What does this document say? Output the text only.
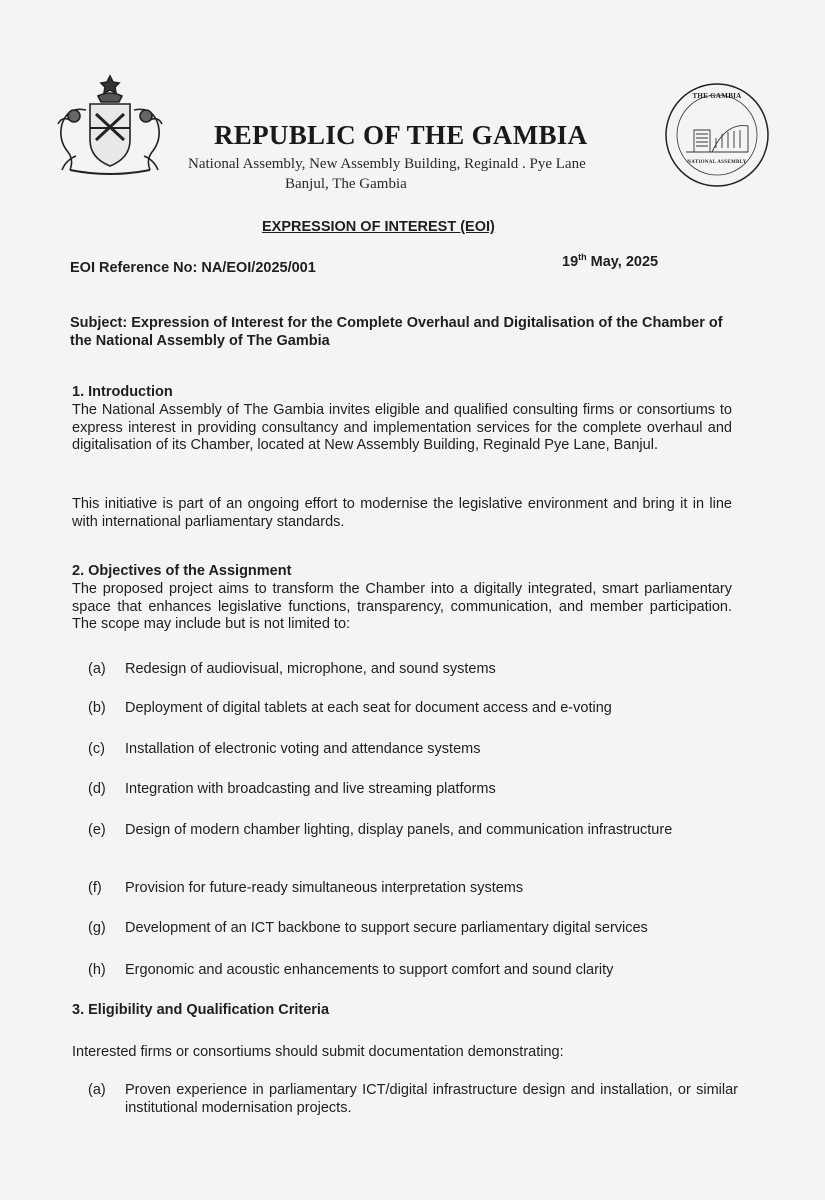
REPUBLIC OF THE GAMBIA
National Assembly, New Assembly Building, Reginald . Pye Lane
Banjul, The Gambia
THE GAMBIA
NATIONAL ASSEMBLY
EXPRESSION OF INTEREST (EOI)
EOI Reference No: NA/EOI/2025/001	19th May, 2025
Subject: Expression of Interest for the Complete Overhaul and Digitalisation of the Chamber of the National Assembly of The Gambia
1. Introduction
The National Assembly of The Gambia invites eligible and qualified consulting firms or consortiums to express interest in providing consultancy and implementation services for the complete overhaul and digitalisation of its Chamber, located at New Assembly Building, Reginald Pye Lane, Banjul.
This initiative is part of an ongoing effort to modernise the legislative environment and bring it in line with international parliamentary standards.
2. Objectives of the Assignment
The proposed project aims to transform the Chamber into a digitally integrated, smart parliamentary space that enhances legislative functions, transparency, communication, and member participation. The scope may include but is not limited to:
(a)	Redesign of audiovisual, microphone, and sound systems
(b)	Deployment of digital tablets at each seat for document access and e-voting
(c)	Installation of electronic voting and attendance systems
(d)	Integration with broadcasting and live streaming platforms
(e)	Design of modern chamber lighting, display panels, and communication infrastructure
(f)	Provision for future-ready simultaneous interpretation systems
(g)	Development of an ICT backbone to support secure parliamentary digital services
(h)	Ergonomic and acoustic enhancements to support comfort and sound clarity
3. Eligibility and Qualification Criteria
Interested firms or consortiums should submit documentation demonstrating:
(a)	Proven experience in parliamentary ICT/digital infrastructure design and installation, or similar institutional modernisation projects.
